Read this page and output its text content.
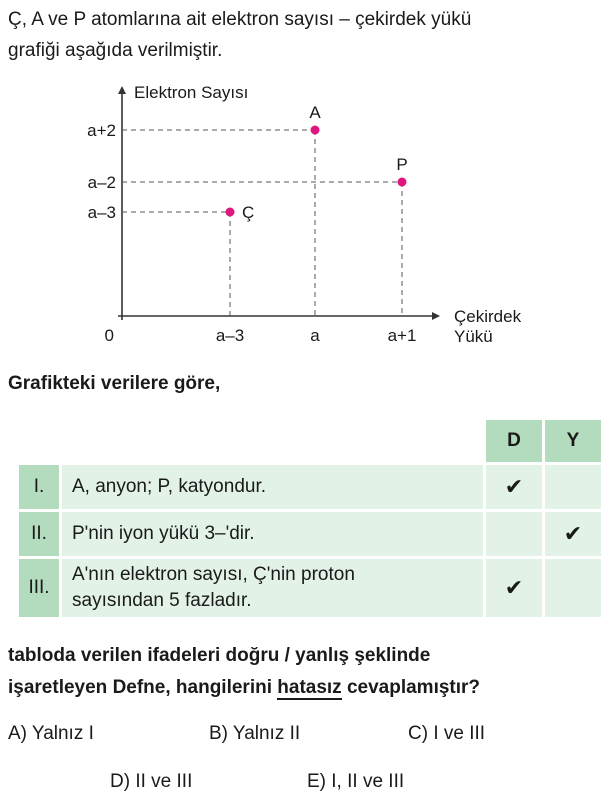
Ç, A ve P atomlarına ait elektron sayısı – çekirdek yükü
grafiği aşağıda verilmiştir.

Elektron Sayısı
Çekirdek
Yükü
0	a–3	a	a+1
a+2
a–2
a–3	Ç
A
P

Grafikteki verilere göre,

		D	Y
I.	A, anyon; P, katyondur.	✔	
II.	P'nin iyon yükü 3–'dir.		✔
III.	A'nın elektron sayısı, Ç'nin proton
sayısından 5 fazladır.	✔	

tabloda verilen ifadeleri doğru / yanlış şeklinde
işaretleyen Defne, hangilerini hatasız cevaplamıştır?

A) Yalnız I	B) Yalnız II	C) I ve III
D) II ve III	E) I, II ve III
